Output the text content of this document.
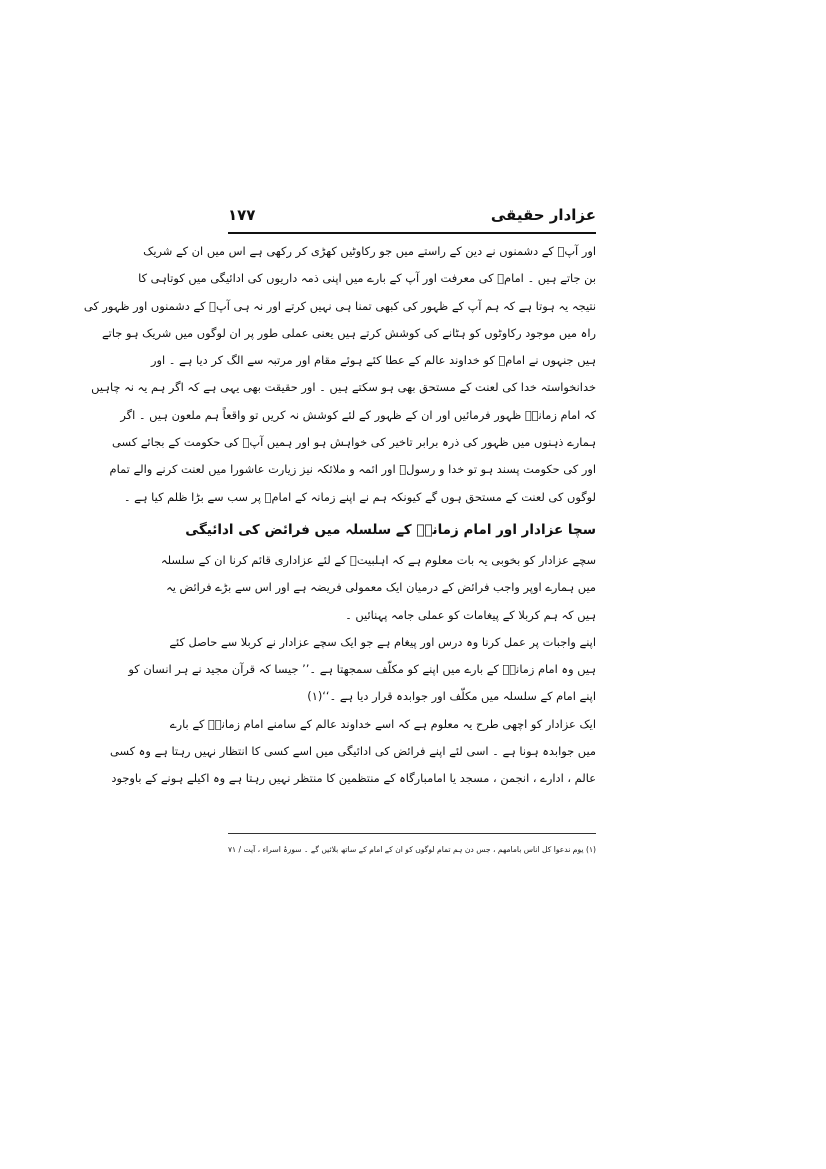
عزادار حقیقی
۱۷۷
اور آپؑ کے دشمنوں نے دین کے راستے میں جو رکاوٹیں کھڑی کر رکھی ہے اس میں ان کے شریک
بن جاتے ہیں ۔ امامؑ کی معرفت اور آپ کے بارے میں اپنی ذمہ داریوں کی ادائیگی میں کوتاہی کا
نتیجہ یہ ہوتا ہے کہ ہم آپ کے ظہور کی کبھی تمنا ہی نہیں کرتے اور نہ ہی آپؑ کے دشمنوں اور ظہور کی
راہ میں موجود رکاوٹوں کو ہٹانے کی کوشش کرتے ہیں یعنی عملی طور پر ان لوگوں میں شریک ہو جاتے
ہیں جنہوں نے امامؑ کو خداوند عالم کے عطا کئے ہوئے مقام اور مرتبہ سے الگ کر دیا ہے ۔ اور
خدانخواستہ خدا کی لعنت کے مستحق بھی ہو سکتے ہیں ۔ اور حقیقت بھی یہی ہے کہ اگر ہم یہ نہ چاہیں
کہ امام زمانہؑ ظہور فرمائیں اور ان کے ظہور کے لئے کوشش نہ کریں تو واقعاً ہم ملعون ہیں ۔ اگر
ہمارے ذہنوں میں ظہور کی ذرہ برابر تاخیر کی خواہش ہو اور ہمیں آپؑ کی حکومت کے بجائے کسی
اور کی حکومت پسند ہو تو خدا و رسولؐ اور ائمہ و ملائکہ نیز زیارت عاشورا میں لعنت کرنے والے تمام
لوگوں کی لعنت کے مستحق ہوں گے کیونکہ ہم نے اپنے زمانہ کے امامؑ پر سب سے بڑا ظلم کیا ہے ۔
سچا عزادار اور امام زمانہؑ کے سلسلہ میں فرائض کی ادائیگی
سچے عزادار کو بخوبی یہ بات معلوم ہے کہ اہلبیتؑ کے لئے عزاداری قائم کرنا ان کے سلسلہ
میں ہمارے اوپر واجب فرائض کے درمیان ایک معمولی فریضہ ہے اور اس سے بڑے فرائض یہ
ہیں کہ ہم کربلا کے پیغامات کو عملی جامہ پہنائیں ۔
اپنے واجبات پر عمل کرنا وہ درس اور پیغام ہے جو ایک سچے عزادار نے کربلا سے حاصل کئے
ہیں وہ امام زمانہؑ کے بارے میں اپنے کو مکلّف سمجھتا ہے ۔’’ جیسا کہ قرآن مجید نے ہر انسان کو
اپنے امام کے سلسلہ میں مکلّف اور جوابدہ قرار دیا ہے ۔‘‘(۱)
ایک عزادار کو اچھی طرح یہ معلوم ہے کہ اسے خداوند عالم کے سامنے امام زمانہؑ کے بارے
میں جوابدہ ہونا ہے ۔ اسی لئے اپنے فرائض کی ادائیگی میں اسے کسی کا انتظار نہیں رہتا ہے وہ کسی
عالم ، ادارے ، انجمن ، مسجد یا امامبارگاہ کے منتظمین کا منتظر نہیں رہتا ہے وہ اکیلے ہونے کے باوجود
(۱) یوم ندعوا کل اناس بامامھم ، جس دن ہم تمام لوگوں کو ان کے امام کے ساتھ بلائیں گے ۔ سورۂ اسراء ، آیت / ۷۱
